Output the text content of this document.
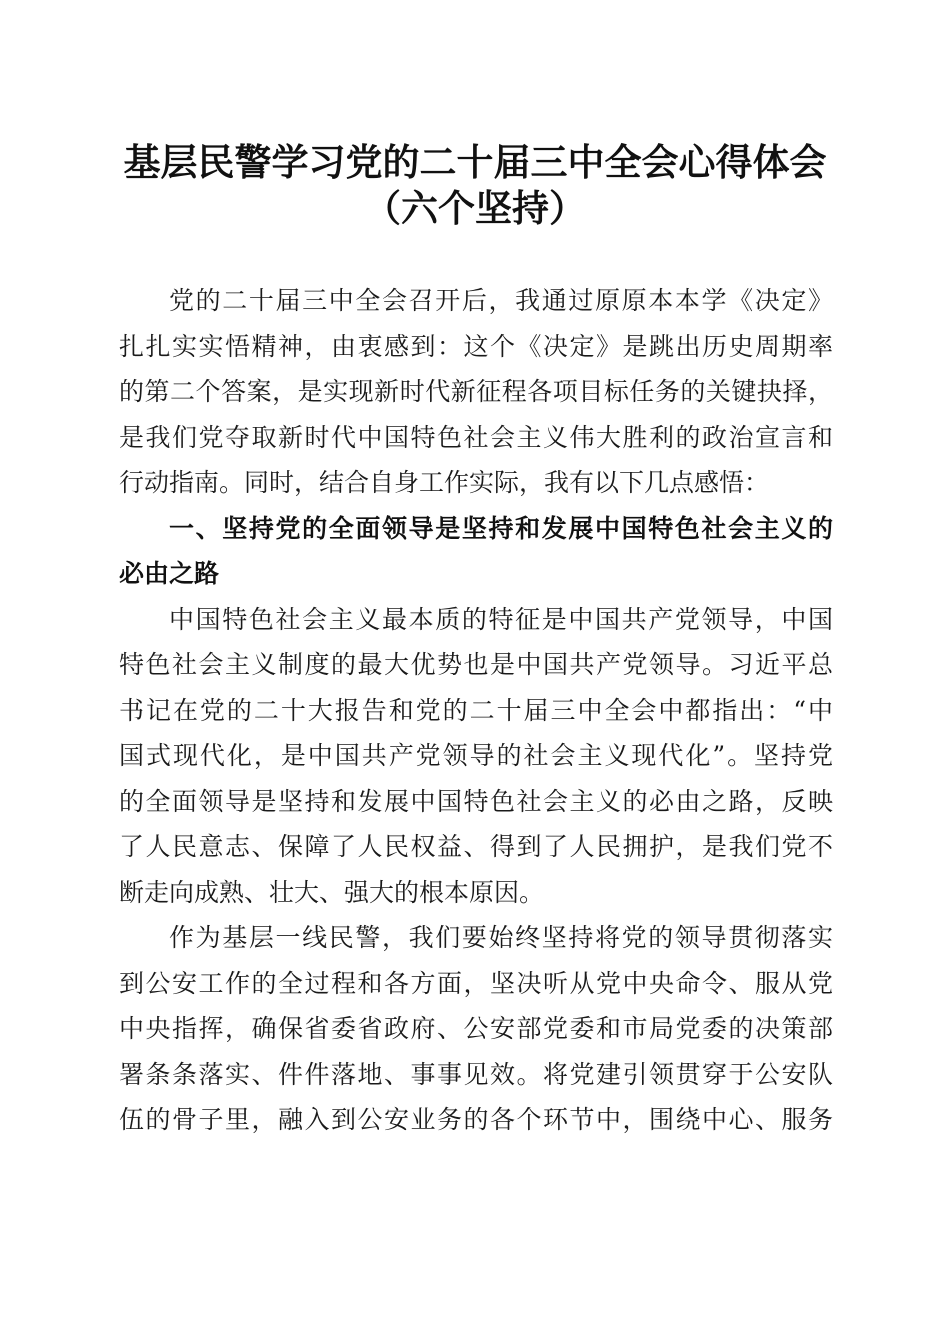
基层民警学习党的二十届三中全会心得体会
（六个坚持）

党的二十届三中全会召开后，我通过原原本本学《决定》

扎扎实实悟精神，由衷感到：这个《决定》是跳出历史周期率

的第二个答案，是实现新时代新征程各项目标任务的关键抉择，

是我们党夺取新时代中国特色社会主义伟大胜利的政治宣言和

行动指南。同时，结合自身工作实际，我有以下几点感悟：

一、坚持党的全面领导是坚持和发展中国特色社会主义的

必由之路

中国特色社会主义最本质的特征是中国共产党领导，中国

特色社会主义制度的最大优势也是中国共产党领导。习近平总

书记在党的二十大报告和党的二十届三中全会中都指出：“中

国式现代化，是中国共产党领导的社会主义现代化”。坚持党

的全面领导是坚持和发展中国特色社会主义的必由之路，反映

了人民意志、保障了人民权益、得到了人民拥护，是我们党不

断走向成熟、壮大、强大的根本原因。

作为基层一线民警，我们要始终坚持将党的领导贯彻落实

到公安工作的全过程和各方面，坚决听从党中央命令、服从党

中央指挥，确保省委省政府、公安部党委和市局党委的决策部

署条条落实、件件落地、事事见效。将党建引领贯穿于公安队

伍的骨子里，融入到公安业务的各个环节中，围绕中心、服务
